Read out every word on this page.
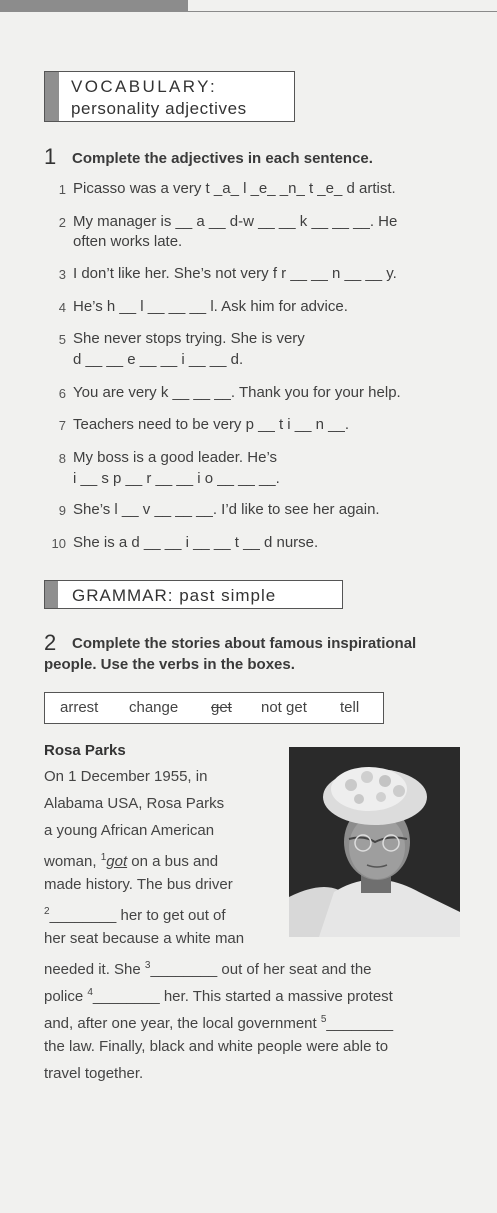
VOCABULARY:
personality adjectives
1 Complete the adjectives in each sentence.
1 Picasso was a very t _a_ l _e_ _n_ t _e_ d artist.
2 My manager is __ a __ d-w __ __ k __ __ __. He
often works late.
3 I don’t like her. She’s not very f r __ __ n __ __ y.
4 He’s h __ l __ __ __ l. Ask him for advice.
5 She never stops trying. She is very
d __ __ e __ __ i __ __ d.
6 You are very k __ __ __. Thank you for your help.
7 Teachers need to be very p __ t i __ n __.
8 My boss is a good leader. He’s
i __ s p __ r __ __ i o __ __ __.
9 She’s l __ v __ __ __. I’d like to see her again.
10 She is a d __ __ i __ __ t __ d nurse.
GRAMMAR: past simple
2 Complete the stories about famous inspirational
people. Use the verbs in the boxes.
arrest change get not get tell
Rosa Parks
On 1 December 1955, in
Alabama USA, Rosa Parks
a young African American
woman, $^1$got on a bus and
made history. The bus driver
$^2$________ her to get out of
her seat because a white man
needed it. She $^3$________ out of her seat and the
police $^4$________ her. This started a massive protest
and, after one year, the local government $^5$________
the law. Finally, black and white people were able to
travel together.
